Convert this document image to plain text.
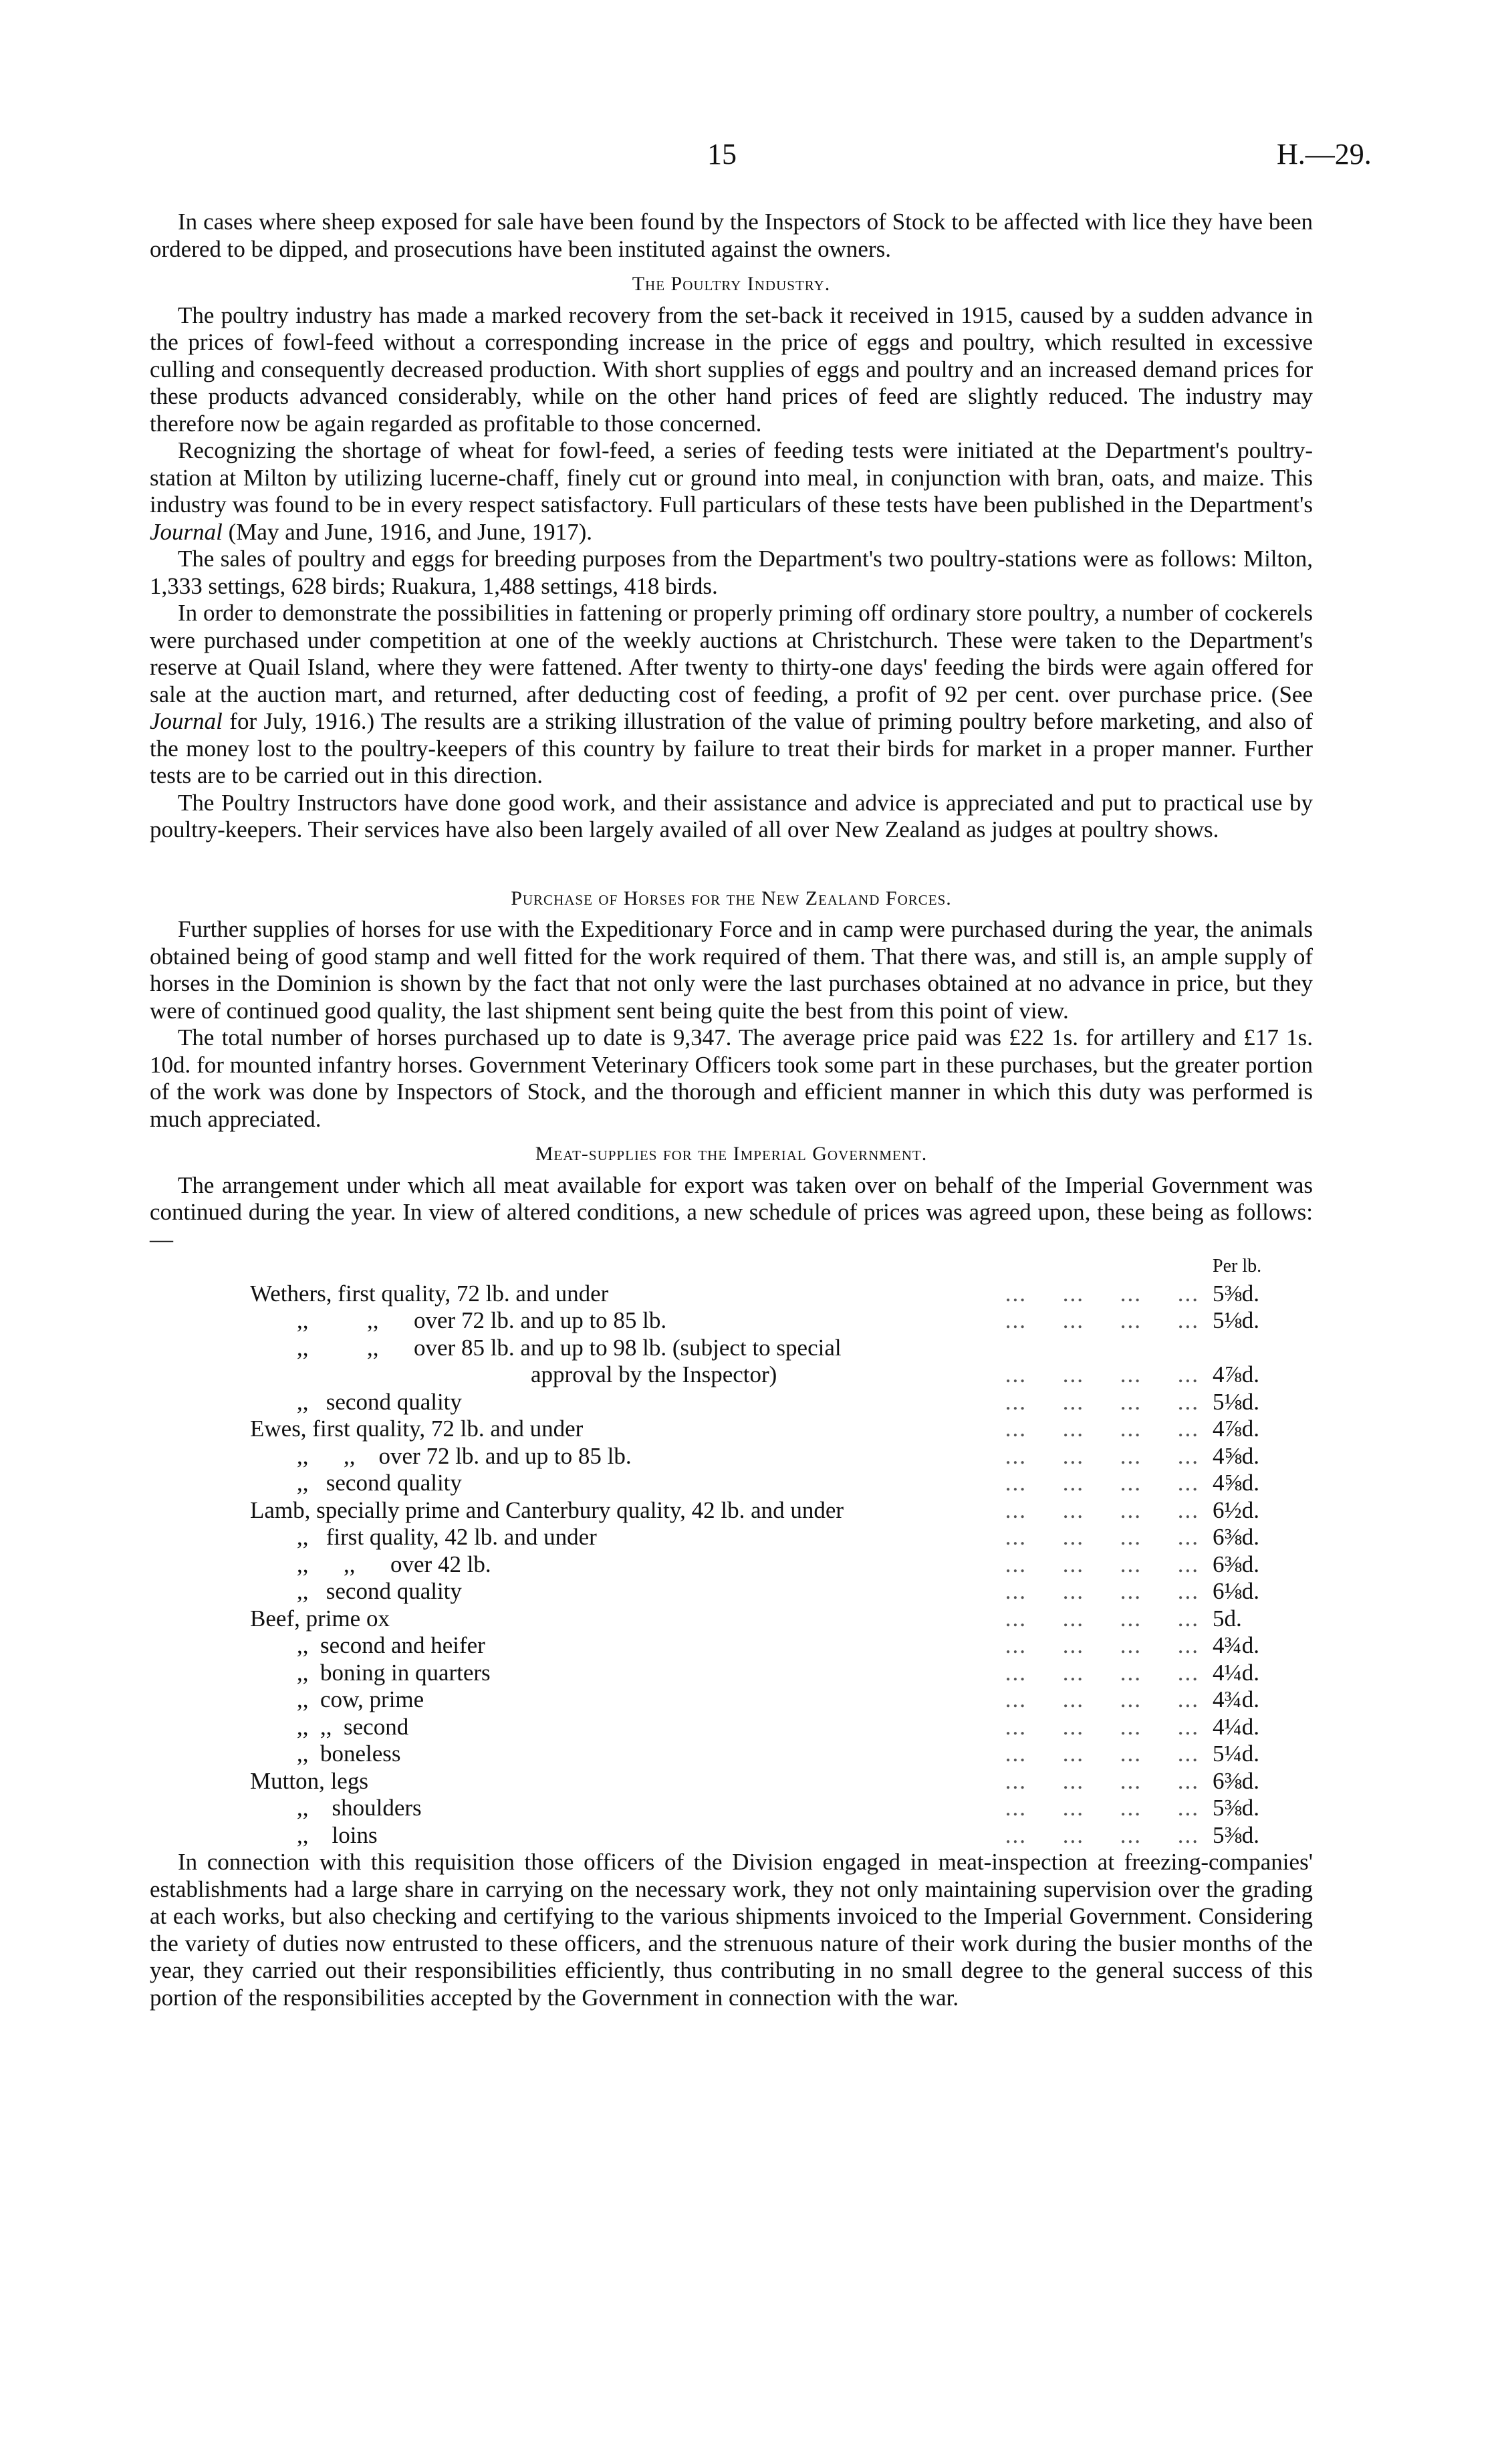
15	H.—29.

In cases where sheep exposed for sale have been found by the Inspectors of Stock to be affected with lice they have been ordered to be dipped, and prosecutions have been instituted against the owners.

The Poultry Industry.

The poultry industry has made a marked recovery from the set-back it received in 1915, caused by a sudden advance in the prices of fowl-feed without a corresponding increase in the price of eggs and poultry, which resulted in excessive culling and consequently decreased production. With short supplies of eggs and poultry and an increased demand prices for these products advanced considerably, while on the other hand prices of feed are slightly reduced. The industry may therefore now be again regarded as profitable to those concerned.

Recognizing the shortage of wheat for fowl-feed, a series of feeding tests were initiated at the Department's poultry-station at Milton by utilizing lucerne-chaff, finely cut or ground into meal, in conjunction with bran, oats, and maize. This industry was found to be in every respect satisfactory. Full particulars of these tests have been published in the Department's Journal (May and June, 1916, and June, 1917).

The sales of poultry and eggs for breeding purposes from the Department's two poultry-stations were as follows: Milton, 1,333 settings, 628 birds; Ruakura, 1,488 settings, 418 birds.

In order to demonstrate the possibilities in fattening or properly priming off ordinary store poultry, a number of cockerels were purchased under competition at one of the weekly auctions at Christchurch. These were taken to the Department's reserve at Quail Island, where they were fattened. After twenty to thirty-one days' feeding the birds were again offered for sale at the auction mart, and returned, after deducting cost of feeding, a profit of 92 per cent. over purchase price. (See Journal for July, 1916.) The results are a striking illustration of the value of priming poultry before marketing, and also of the money lost to the poultry-keepers of this country by failure to treat their birds for market in a proper manner. Further tests are to be carried out in this direction.

The Poultry Instructors have done good work, and their assistance and advice is appreciated and put to practical use by poultry-keepers. Their services have also been largely availed of all over New Zealand as judges at poultry shows.

Purchase of Horses for the New Zealand Forces.

Further supplies of horses for use with the Expeditionary Force and in camp were purchased during the year, the animals obtained being of good stamp and well fitted for the work required of them. That there was, and still is, an ample supply of horses in the Dominion is shown by the fact that not only were the last purchases obtained at no advance in price, but they were of continued good quality, the last shipment sent being quite the best from this point of view.

The total number of horses purchased up to date is 9,347. The average price paid was £22 1s. for artillery and £17 1s. 10d. for mounted infantry horses. Government Veterinary Officers took some part in these purchases, but the greater portion of the work was done by Inspectors of Stock, and the thorough and efficient manner in which this duty was performed is much appreciated.

Meat-supplies for the Imperial Government.

The arrangement under which all meat available for export was taken over on behalf of the Imperial Government was continued during the year. In view of altered conditions, a new schedule of prices was agreed upon, these being as follows:—

	Per lb.
Wethers, first quality, 72 lb. and under ...     ...     ...     ...	5⅜d.
,,          ,,      over 72 lb. and up to 85 lb. ...     ...     ...     ...	5⅛d.
,,          ,,      over 85 lb. and up to 98 lb. (subject to special	
approval by the Inspector) ...     ...     ...     ...	4⅞d.
,,   second quality ...     ...     ...     ...	5⅛d.
Ewes, first quality, 72 lb. and under ...     ...     ...     ...	4⅞d.
,,      ,,    over 72 lb. and up to 85 lb. ...     ...     ...     ...	4⅝d.
,,   second quality ...     ...     ...     ...	4⅝d.
Lamb, specially prime and Canterbury quality, 42 lb. and under ...     ...     ...     ...	6½d.
,,   first quality, 42 lb. and under ...     ...     ...     ...	6⅜d.
,,      ,,      over 42 lb. ...     ...     ...     ...	6⅜d.
,,   second quality ...     ...     ...     ...	6⅛d.
Beef, prime ox ...     ...     ...     ...	5d.
,,  second and heifer ...     ...     ...     ...	4¾d.
,,  boning in quarters ...     ...     ...     ...	4¼d.
,,  cow, prime ...     ...     ...     ...	4¾d.
,,  ,,  second ...     ...     ...     ...	4¼d.
,,  boneless ...     ...     ...     ...	5¼d.
Mutton, legs ...     ...     ...     ...	6⅜d.
,,    shoulders ...     ...     ...     ...	5⅜d.
,,    loins ...     ...     ...     ...	5⅜d.

In connection with this requisition those officers of the Division engaged in meat-inspection at freezing-companies' establishments had a large share in carrying on the necessary work, they not only maintaining supervision over the grading at each works, but also checking and certifying to the various shipments invoiced to the Imperial Government. Considering the variety of duties now entrusted to these officers, and the strenuous nature of their work during the busier months of the year, they carried out their responsibilities efficiently, thus contributing in no small degree to the general success of this portion of the responsibilities accepted by the Government in connection with the war.
